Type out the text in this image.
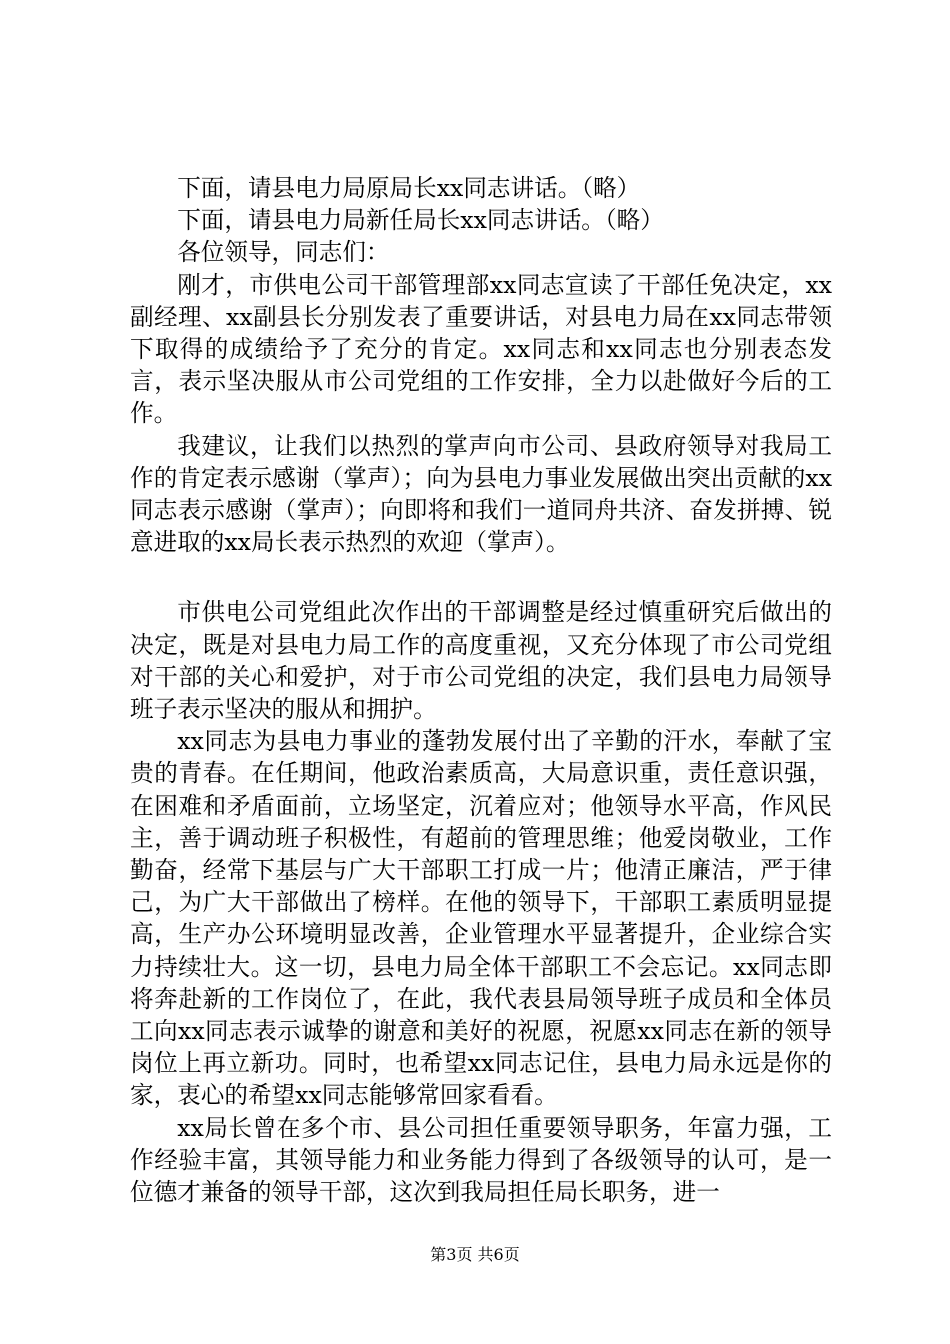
下面，请县电力局原局长xx同志讲话。（略）

下面，请县电力局新任局长xx同志讲话。（略）

各位领导，同志们：

刚才，市供电公司干部管理部xx同志宣读了干部任免决定，xx副经理、xx副县长分别发表了重要讲话，对县电力局在xx同志带领下取得的成绩给予了充分的肯定。xx同志和xx同志也分别表态发言，表示坚决服从市公司党组的工作安排，全力以赴做好今后的工作。

我建议，让我们以热烈的掌声向市公司、县政府领导对我局工作的肯定表示感谢（掌声）；向为县电力事业发展做出突出贡献的xx同志表示感谢（掌声）；向即将和我们一道同舟共济、奋发拼搏、锐意进取的xx局长表示热烈的欢迎（掌声）。

市供电公司党组此次作出的干部调整是经过慎重研究后做出的决定，既是对县电力局工作的高度重视，又充分体现了市公司党组对干部的关心和爱护，对于市公司党组的决定，我们县电力局领导班子表示坚决的服从和拥护。

xx同志为县电力事业的蓬勃发展付出了辛勤的汗水，奉献了宝贵的青春。在任期间，他政治素质高，大局意识重，责任意识强，在困难和矛盾面前，立场坚定，沉着应对；他领导水平高，作风民主，善于调动班子积极性，有超前的管理思维；他爱岗敬业，工作勤奋，经常下基层与广大干部职工打成一片；他清正廉洁，严于律己，为广大干部做出了榜样。在他的领导下，干部职工素质明显提高，生产办公环境明显改善，企业管理水平显著提升，企业综合实力持续壮大。这一切，县电力局全体干部职工不会忘记。xx同志即将奔赴新的工作岗位了，在此，我代表县局领导班子成员和全体员工向xx同志表示诚挚的谢意和美好的祝愿，祝愿xx同志在新的领导岗位上再立新功。同时，也希望xx同志记住，县电力局永远是你的家，衷心的希望xx同志能够常回家看看。

xx局长曾在多个市、县公司担任重要领导职务，年富力强，工作经验丰富，其领导能力和业务能力得到了各级领导的认可，是一位德才兼备的领导干部，这次到我局担任局长职务，进一

第3页 共6页
